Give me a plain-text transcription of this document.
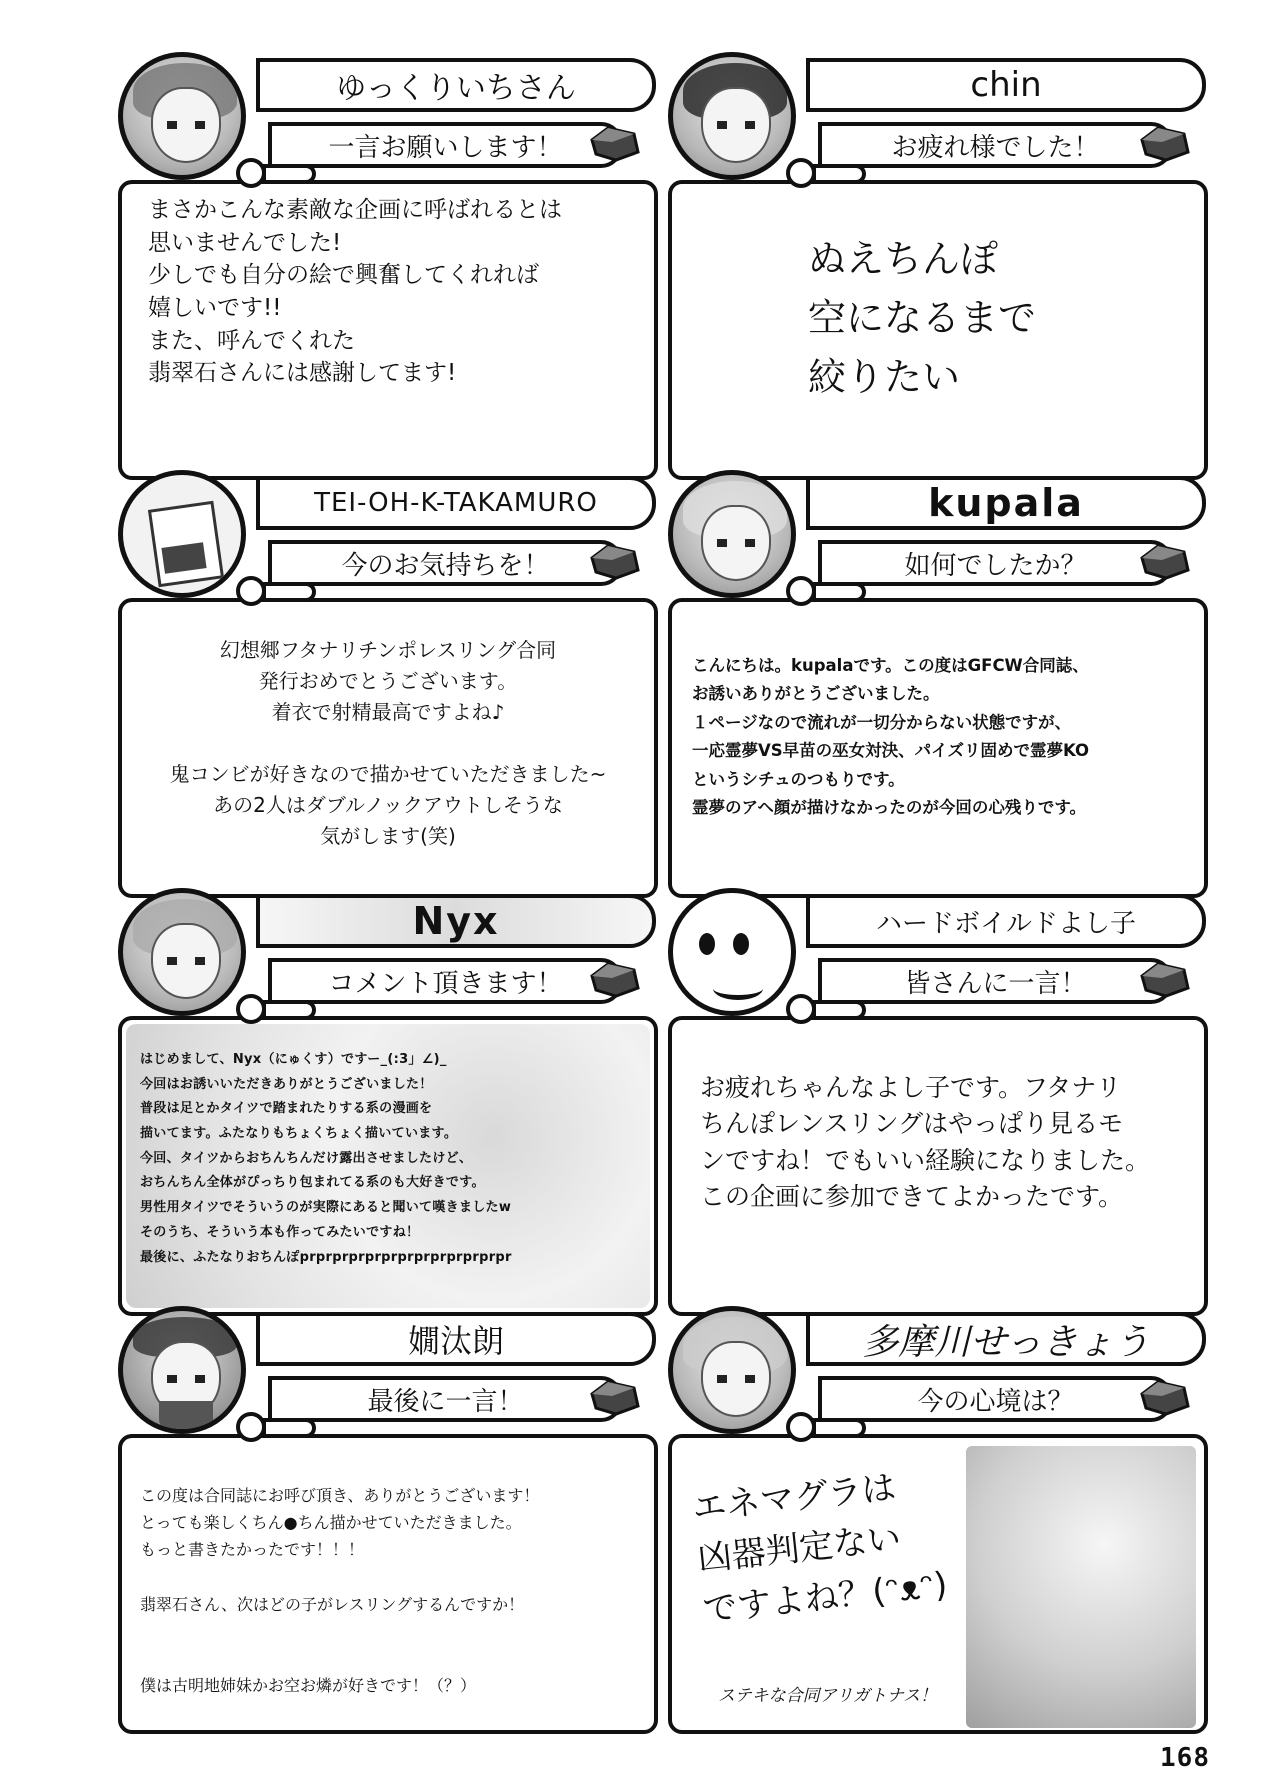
ゆっくりいちさん
一言お願いします！
まさかこんな素敵な企画に呼ばれるとは
思いませんでした!
少しでも自分の絵で興奮してくれれば
嬉しいです!!
また、呼んでくれた
翡翠石さんには感謝してます!
chin
お疲れ様でした！
ぬえちんぽ
空になるまで
絞りたい
TEI-OH-K-TAKAMURO
今のお気持ちを！
幻想郷フタナリチンポレスリング合同
発行おめでとうございます。
着衣で射精最高ですよね♪

鬼コンビが好きなので描かせていただきました~
あの2人はダブルノックアウトしそうな
気がします(笑)
kupala
如何でしたか？
こんにちは。kupalaです。この度はGFCW合同誌、
お誘いありがとうございました。
１ページなので流れが一切分からない状態ですが、
一応霊夢VS早苗の巫女対決、パイズリ固めで霊夢KO
というシチュのつもりです。
霊夢のアヘ顔が描けなかったのが今回の心残りです。
Nyx
コメント頂きます！
はじめまして、Nyx（にゅくす）ですー_(:3」∠)_
今回はお誘いいただきありがとうございました！
普段は足とかタイツで踏まれたりする系の漫画を
描いてます。ふたなりもちょくちょく描いています。
今回、タイツからおちんちんだけ露出させましたけど、
おちんちん全体がぴっちり包まれてる系のも大好きです。
男性用タイツでそういうのが実際にあると聞いて嘆きましたw
そのうち、そういう本も作ってみたいですね！
最後に、ふたなりおちんぽprprprprprprprprprprprprpr
ハードボイルドよし子
皆さんに一言！
お疲れちゃんなよし子です。フタナリ
ちんぽレンスリングはやっぱり見るモ
ンですね！でもいい経験になりました。
この企画に参加できてよかったです。
嫺汰朗
最後に一言！
この度は合同誌にお呼び頂き、ありがとうございます！
とっても楽しくちん●ちん描かせていただきました。
もっと書きたかったです！！！

翡翠石さん、次はどの子がレスリングするんですか！

僕は古明地姉妹かお空お燐が好きです！（？）
多摩川せっきょう
今の心境は？
エネマグラは
凶器判定ない
ですよね？(ᵔᴥᵔ)
ステキな合同アリガトナス！
168
